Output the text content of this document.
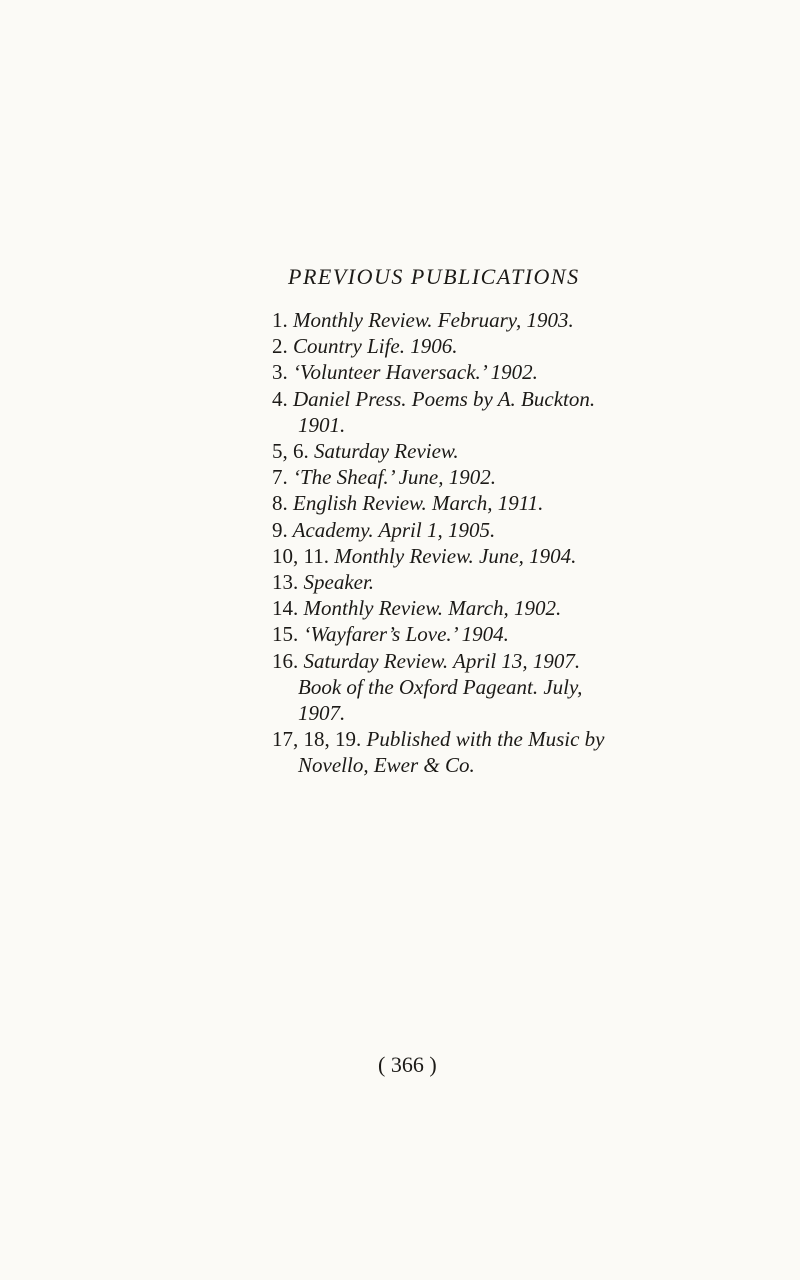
PREVIOUS PUBLICATIONS
1. Monthly Review. February, 1903.
2. Country Life. 1906.
3. ‘Volunteer Haversack.’ 1902.
4. Daniel Press. Poems by A. Buckton.
1901.
5, 6. Saturday Review.
7. ‘The Sheaf.’ June, 1902.
8. English Review. March, 1911.
9. Academy. April 1, 1905.
10, 11. Monthly Review. June, 1904.
13. Speaker.
14. Monthly Review. March, 1902.
15. ‘Wayfarer’s Love.’ 1904.
16. Saturday Review. April 13, 1907.
Book of the Oxford Pageant. July,
1907.
17, 18, 19. Published with the Music by
Novello, Ewer & Co.
( 366 )
